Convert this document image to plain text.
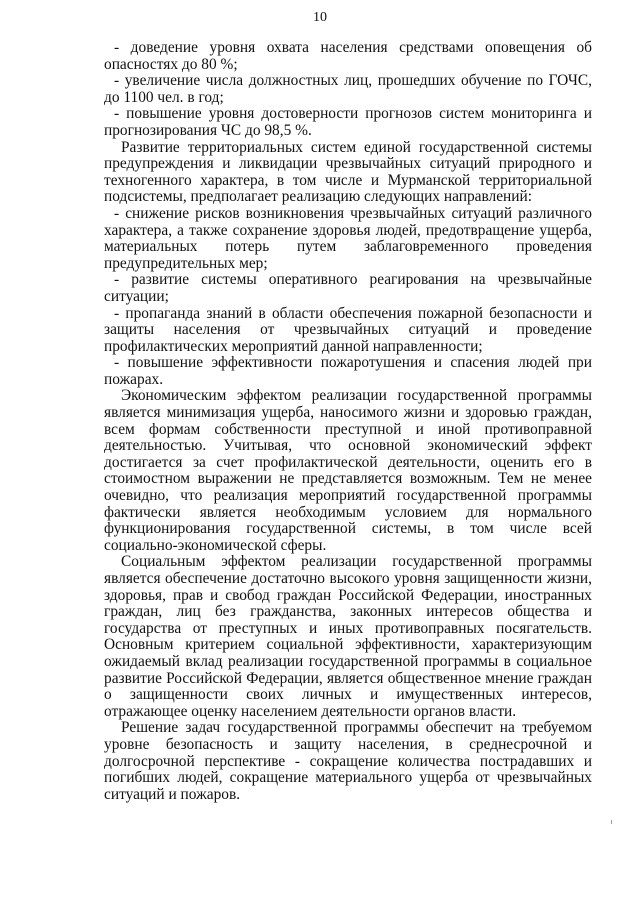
10

- доведение уровня охвата населения средствами оповещения об опасностях до 80 %;

- увеличение числа должностных лиц, прошедших обучение по ГОЧС, до 1100 чел. в год;

- повышение уровня достоверности прогнозов систем мониторинга и прогнозирования ЧС до 98,5 %.

Развитие территориальных систем единой государственной системы предупреждения и ликвидации чрезвычайных ситуаций природного и техногенного характера, в том числе и Мурманской территориальной подсистемы, предполагает реализацию следующих направлений:

- снижение рисков возникновения чрезвычайных ситуаций различного характера, а также сохранение здоровья людей, предотвращение ущерба, материальных потерь путем заблаговременного проведения предупредительных мер;

- развитие системы оперативного реагирования на чрезвычайные ситуации;

- пропаганда знаний в области обеспечения пожарной безопасности и защиты населения от чрезвычайных ситуаций и проведение профилактических мероприятий данной направленности;

- повышение эффективности пожаротушения и спасения людей при пожарах.

Экономическим эффектом реализации государственной программы является минимизация ущерба, наносимого жизни и здоровью граждан, всем формам собственности преступной и иной противоправной деятельностью. Учитывая, что основной экономический эффект достигается за счет профилактической деятельности, оценить его в стоимостном выражении не представляется возможным. Тем не менее очевидно, что реализация мероприятий государственной программы фактически является необходимым условием для нормального функционирования государственной системы, в том числе всей социально-экономической сферы.

Социальным эффектом реализации государственной программы является обеспечение достаточно высокого уровня защищенности жизни, здоровья, прав и свобод граждан Российской Федерации, иностранных граждан, лиц без гражданства, законных интересов общества и государства от преступных и иных противоправных посягательств. Основным критерием социальной эффективности, характеризующим ожидаемый вклад реализации государственной программы в социальное развитие Российской Федерации, является общественное мнение граждан о защищенности своих личных и имущественных интересов, отражающее оценку населением деятельности органов власти.

Решение задач государственной программы обеспечит на требуемом уровне безопасность и защиту населения, в среднесрочной и долгосрочной перспективе - сокращение количества пострадавших и погибших людей, сокращение материального ущерба от чрезвычайных ситуаций и пожаров.
